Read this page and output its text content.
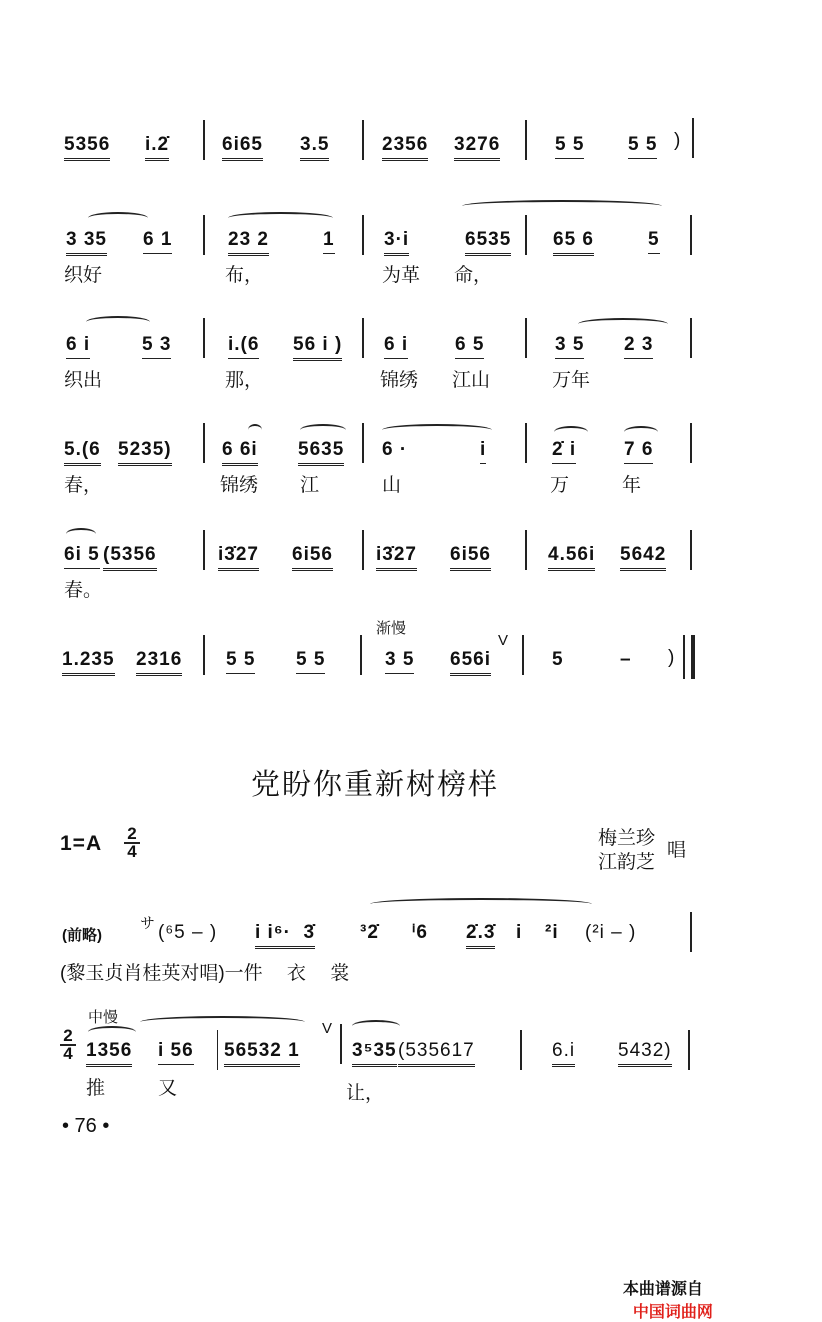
5356 i.2̇	6i65 3.5	2356 3276	5 5 5 5 )
3 35 6 1	23 2	1	3·i	6535 65 6	5
织好	布，	为革 命，
6 i	5 3	i.(6 56 i ) 6 i 6 5	3 5 2 3
织出	那，	锦绣 江山	万年
5.(6 5235)	6 6i 5635 6 ·	i	2̇ i	7 6
春，	锦绣 江	山	万	年
6i 5 (5356	i3̇27 6i56 i3̇27 6i56	4.56i 5642
春。
渐慢
1.235 2316 5 5 5 5	3 5 656i
V
5	– )
党盼你重新树榜样
$1=A \frac{2}{4}$	梅兰珍
江韵芝
唱
(前略)
サ (⁶5 – ) i i⁶·  3̇ ³2̇ ⁱ6 2̇.3̇ i ²i (²i – )
(黎玉贞肖桂英对唱)一件　 衣　 裳
中慢
$\frac{2}{4} 1356$ i 56 56532 1
V
3⁵35 (535617	6.i 5432)
推	又	让，
• 76 •

本曲谱源自
中国词曲网
